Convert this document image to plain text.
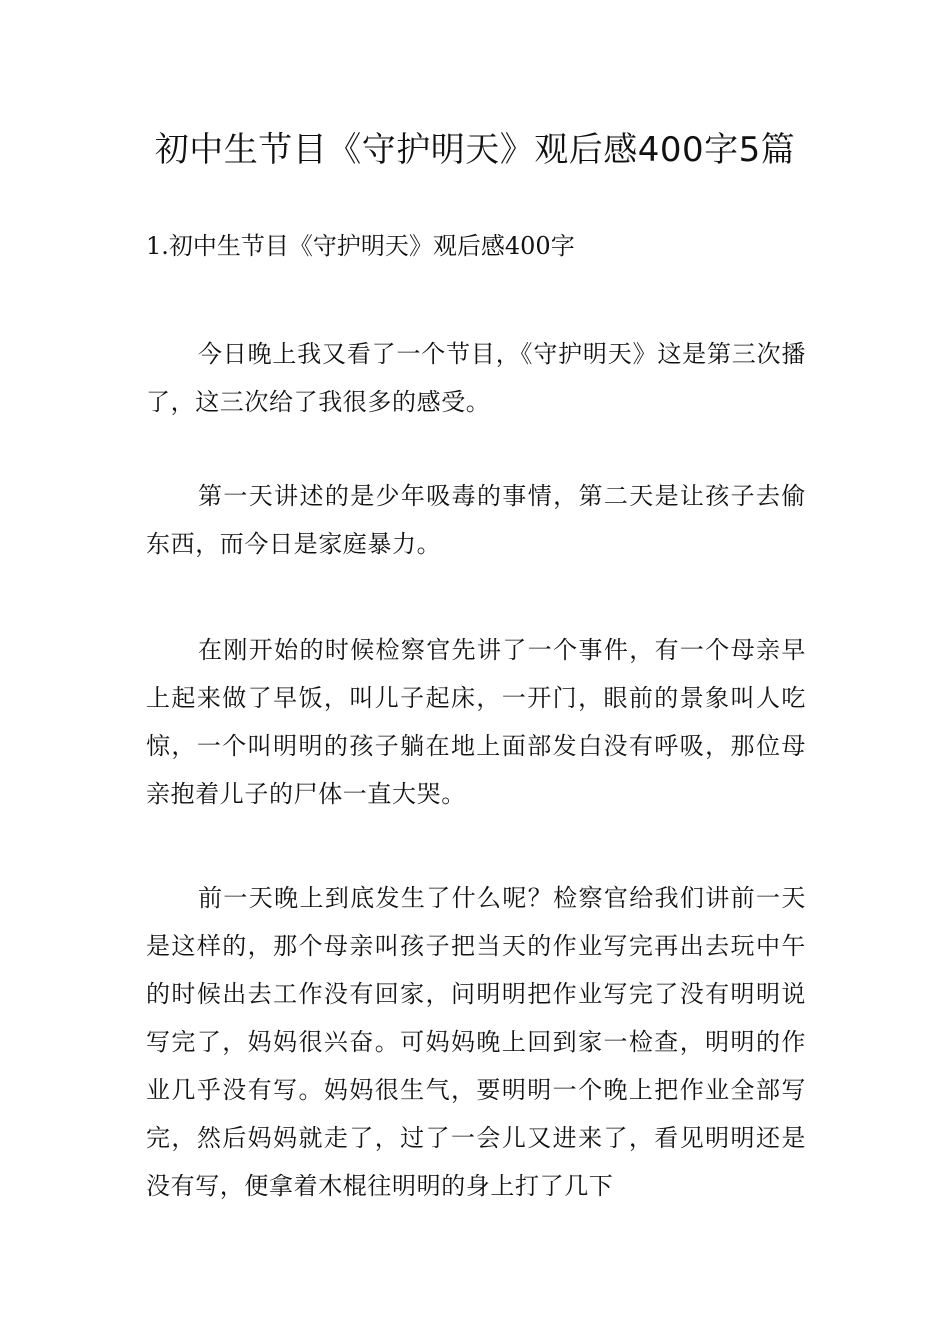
初中生节目《守护明天》观后感400字5篇
1.初中生节目《守护明天》观后感400字

今日晚上我又看了一个节目，《守护明天》这是第三次播了，这三次给了我很多的感受。

第一天讲述的是少年吸毒的事情，第二天是让孩子去偷东西，而今日是家庭暴力。

在刚开始的时候检察官先讲了一个事件，有一个母亲早上起来做了早饭，叫儿子起床，一开门，眼前的景象叫人吃惊，一个叫明明的孩子躺在地上面部发白没有呼吸，那位母亲抱着儿子的尸体一直大哭。

前一天晚上到底发生了什么呢？检察官给我们讲前一天是这样的，那个母亲叫孩子把当天的作业写完再出去玩中午的时候出去工作没有回家，问明明把作业写完了没有明明说写完了，妈妈很兴奋。可妈妈晚上回到家一检查，明明的作业几乎没有写。妈妈很生气，要明明一个晚上把作业全部写完，然后妈妈就走了，过了一会儿又进来了，看见明明还是没有写，便拿着木棍往明明的身上打了几下
